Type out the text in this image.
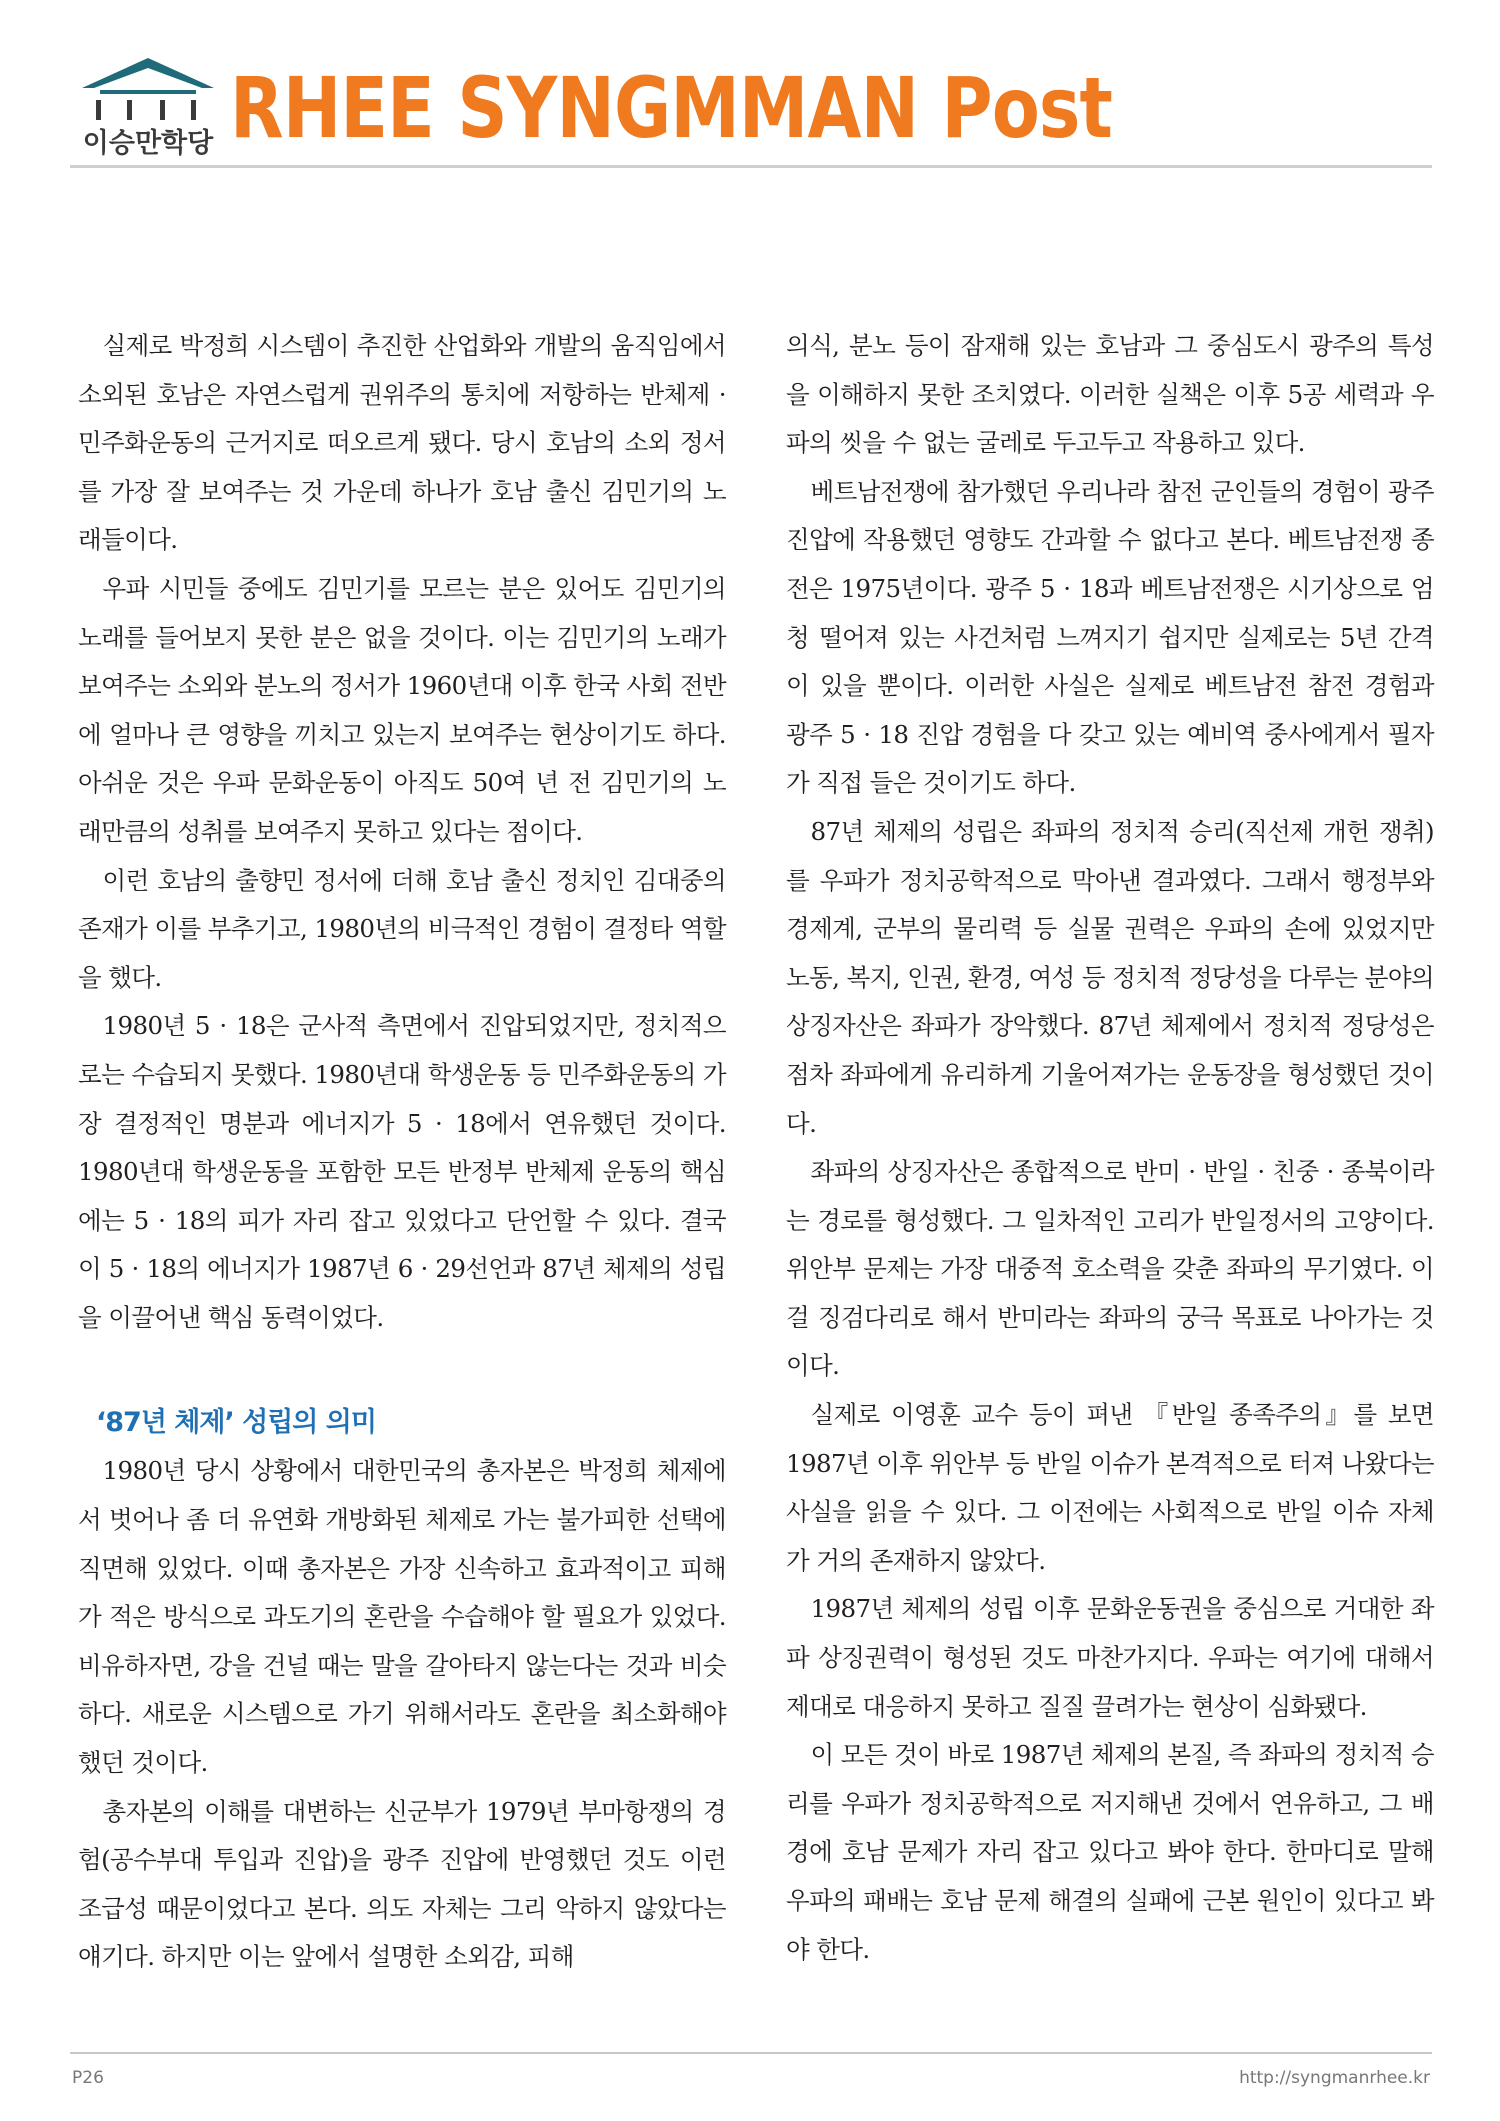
이승만학당 RHEE SYNGMMAN Post

실제로 박정희 시스템이 추진한 산업화와 개발의 움직임에서 소외된 호남은 자연스럽게 권위주의 통치에 저항하는 반체제 · 민주화운동의 근거지로 떠오르게 됐다. 당시 호남의 소외 정서를 가장 잘 보여주는 것 가운데 하나가 호남 출신 김민기의 노래들이다.

우파 시민들 중에도 김민기를 모르는 분은 있어도 김민기의 노래를 들어보지 못한 분은 없을 것이다. 이는 김민기의 노래가 보여주는 소외와 분노의 정서가 1960년대 이후 한국 사회 전반에 얼마나 큰 영향을 끼치고 있는지 보여주는 현상이기도 하다. 아쉬운 것은 우파 문화운동이 아직도 50여 년 전 김민기의 노래만큼의 성취를 보여주지 못하고 있다는 점이다.

이런 호남의 출향민 정서에 더해 호남 출신 정치인 김대중의 존재가 이를 부추기고, 1980년의 비극적인 경험이 결정타 역할을 했다.

1980년 5 · 18은 군사적 측면에서 진압되었지만, 정치적으로는 수습되지 못했다. 1980년대 학생운동 등 민주화운동의 가장 결정적인 명분과 에너지가 5 · 18에서 연유했던 것이다. 1980년대 학생운동을 포함한 모든 반정부 반체제 운동의 핵심에는 5 · 18의 피가 자리 잡고 있었다고 단언할 수 있다. 결국 이 5 · 18의 에너지가 1987년 6 · 29선언과 87년 체제의 성립을 이끌어낸 핵심 동력이었다.

‘87년 체제’ 성립의 의미

1980년 당시 상황에서 대한민국의 총자본은 박정희 체제에서 벗어나 좀 더 유연화 개방화된 체제로 가는 불가피한 선택에 직면해 있었다. 이때 총자본은 가장 신속하고 효과적이고 피해가 적은 방식으로 과도기의 혼란을 수습해야 할 필요가 있었다. 비유하자면, 강을 건널 때는 말을 갈아타지 않는다는 것과 비슷하다. 새로운 시스템으로 가기 위해서라도 혼란을 최소화해야 했던 것이다.

총자본의 이해를 대변하는 신군부가 1979년 부마항쟁의 경험(공수부대 투입과 진압)을 광주 진압에 반영했던 것도 이런 조급성 때문이었다고 본다. 의도 자체는 그리 악하지 않았다는 얘기다. 하지만 이는 앞에서 설명한 소외감, 피해

의식, 분노 등이 잠재해 있는 호남과 그 중심도시 광주의 특성을 이해하지 못한 조치였다. 이러한 실책은 이후 5공 세력과 우파의 씻을 수 없는 굴레로 두고두고 작용하고 있다.

베트남전쟁에 참가했던 우리나라 참전 군인들의 경험이 광주 진압에 작용했던 영향도 간과할 수 없다고 본다. 베트남전쟁 종전은 1975년이다. 광주 5 · 18과 베트남전쟁은 시기상으로 엄청 떨어져 있는 사건처럼 느껴지기 쉽지만 실제로는 5년 간격이 있을 뿐이다. 이러한 사실은 실제로 베트남전 참전 경험과 광주 5 · 18 진압 경험을 다 갖고 있는 예비역 중사에게서 필자가 직접 들은 것이기도 하다.

87년 체제의 성립은 좌파의 정치적 승리(직선제 개헌 쟁취)를 우파가 정치공학적으로 막아낸 결과였다. 그래서 행정부와 경제계, 군부의 물리력 등 실물 권력은 우파의 손에 있었지만 노동, 복지, 인권, 환경, 여성 등 정치적 정당성을 다루는 분야의 상징자산은 좌파가 장악했다. 87년 체제에서 정치적 정당성은 점차 좌파에게 유리하게 기울어져가는 운동장을 형성했던 것이다.

좌파의 상징자산은 종합적으로 반미 · 반일 · 친중 · 종북이라는 경로를 형성했다. 그 일차적인 고리가 반일정서의 고양이다. 위안부 문제는 가장 대중적 호소력을 갖춘 좌파의 무기였다. 이걸 징검다리로 해서 반미라는 좌파의 궁극 목표로 나아가는 것이다.

실제로 이영훈 교수 등이 펴낸 『반일 종족주의』를 보면 1987년 이후 위안부 등 반일 이슈가 본격적으로 터져 나왔다는 사실을 읽을 수 있다. 그 이전에는 사회적으로 반일 이슈 자체가 거의 존재하지 않았다.

1987년 체제의 성립 이후 문화운동권을 중심으로 거대한 좌파 상징권력이 형성된 것도 마찬가지다. 우파는 여기에 대해서 제대로 대응하지 못하고 질질 끌려가는 현상이 심화됐다.

이 모든 것이 바로 1987년 체제의 본질, 즉 좌파의 정치적 승리를 우파가 정치공학적으로 저지해낸 것에서 연유하고, 그 배경에 호남 문제가 자리 잡고 있다고 봐야 한다. 한마디로 말해 우파의 패배는 호남 문제 해결의 실패에 근본 원인이 있다고 봐야 한다.

P26	http://syngmanrhee.kr
